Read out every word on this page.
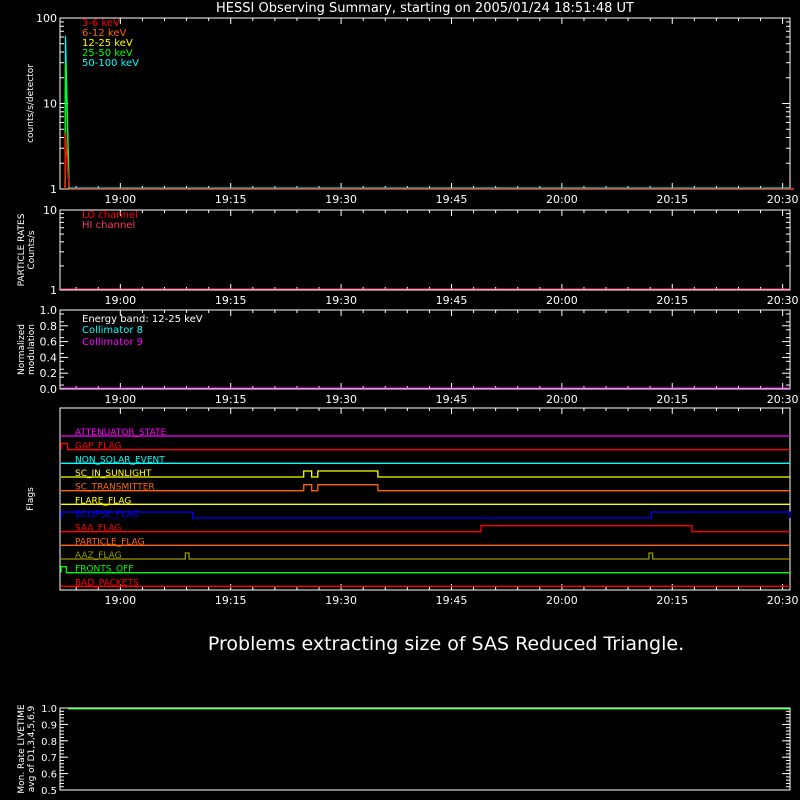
HESSI Observing Summary, starting on 2005/01/24 18:51:48 UT
1
10
100
19:00	19:15	19:30	19:45	20:00	20:15	20:30
counts/s/detector
3-6 keV
6-12 keV
12-25 keV
25-50 keV
50-100 keV
1
10
19:00	19:15	19:30	19:45	20:00	20:15	20:30
PARTICLE RATES Counts/s
LO channel
HI channel
0.0
0.2
0.4
0.6
0.8
1.0
19:00	19:15	19:30	19:45	20:00	20:15	20:30
Normalized modulation
Energy band: 12-25 keV
Collimator 8
Collimator 9
19:00	19:15	19:30	19:45	20:00	20:15	20:30
Flags
ATTENUATOR_STATE
GAP_FLAG
NON_SOLAR_EVENT
SC_IN_SUNLIGHT
SC_TRANSMITTER
FLARE_FLAG
ECLIPSE_FLAG
SAA_FLAG
PARTICLE_FLAG
AAZ_FLAG
FRONTS_OFF
BAD_PACKETS
0.5
0.6
0.7
0.8
0.9
1.0
Mon. Rate LIVETIME avg of D1,3,4,5,6,9
Problems extracting size of SAS Reduced Triangle.
